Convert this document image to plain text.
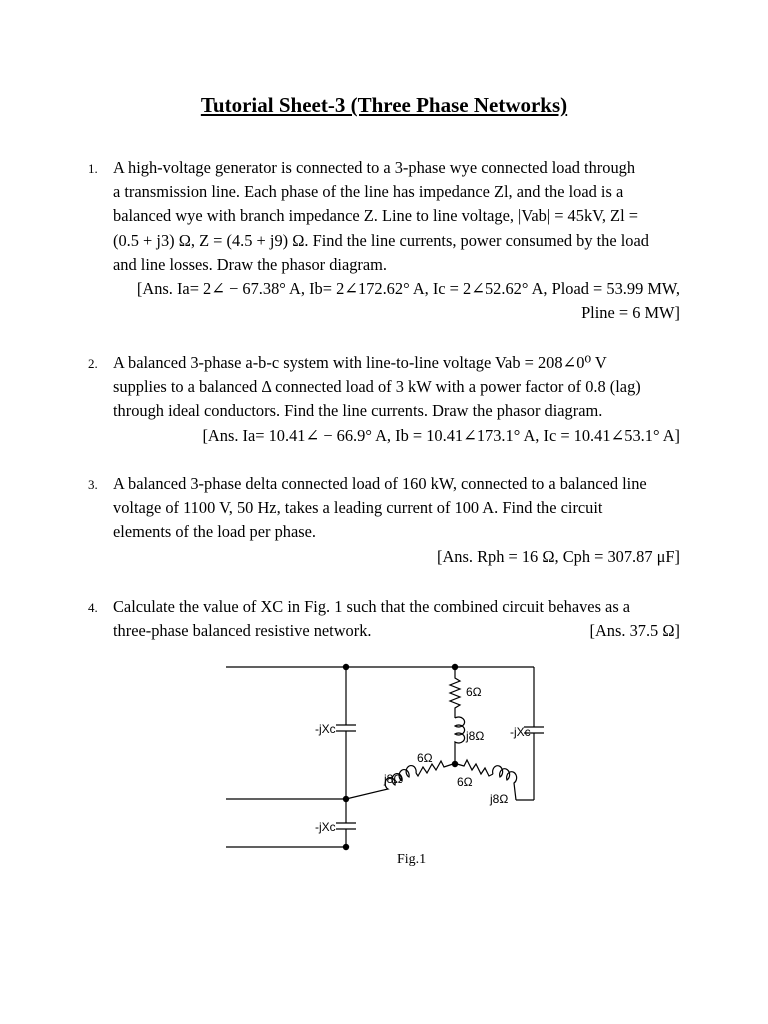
Tutorial Sheet-3 (Three Phase Networks)
1. A high-voltage generator is connected to a 3-phase wye connected load through
a transmission line. Each phase of the line has impedance Zl, and the load is a
balanced wye with branch impedance Z. Line to line voltage, |Vab| = 45kV, Zl =
(0.5 + j3) Ω, Z = (4.5 + j9) Ω. Find the line currents, power consumed by the load
and line losses. Draw the phasor diagram.
[Ans. Ia= 2∠ − 67.38° A, Ib= 2∠172.62° A, Ic = 2∠52.62° A, Pload = 53.99 MW,
Pline = 6 MW]
2. A balanced 3-phase a-b-c system with line-to-line voltage Vab = 208∠0⁰ V
supplies to a balanced Δ connected load of 3 kW with a power factor of 0.8 (lag)
through ideal conductors. Find the line currents. Draw the phasor diagram.
[Ans. Ia= 10.41∠ − 66.9° A, Ib = 10.41∠173.1° A, Ic = 10.41∠53.1° A]
3. A balanced 3-phase delta connected load of 160 kW, connected to a balanced line
voltage of 1100 V, 50 Hz, takes a leading current of 100 A. Find the circuit
elements of the load per phase.
[Ans. Rph = 16 Ω, Cph = 307.87 μF]
4. Calculate the value of XC in Fig. 1 such that the combined circuit behaves as a
three-phase balanced resistive network.	[Ans. 37.5 Ω]
6Ω
j8Ω
-jXc
-jXc
-jXc
6Ω
j8Ω	6Ω
j8Ω
Fig.1
